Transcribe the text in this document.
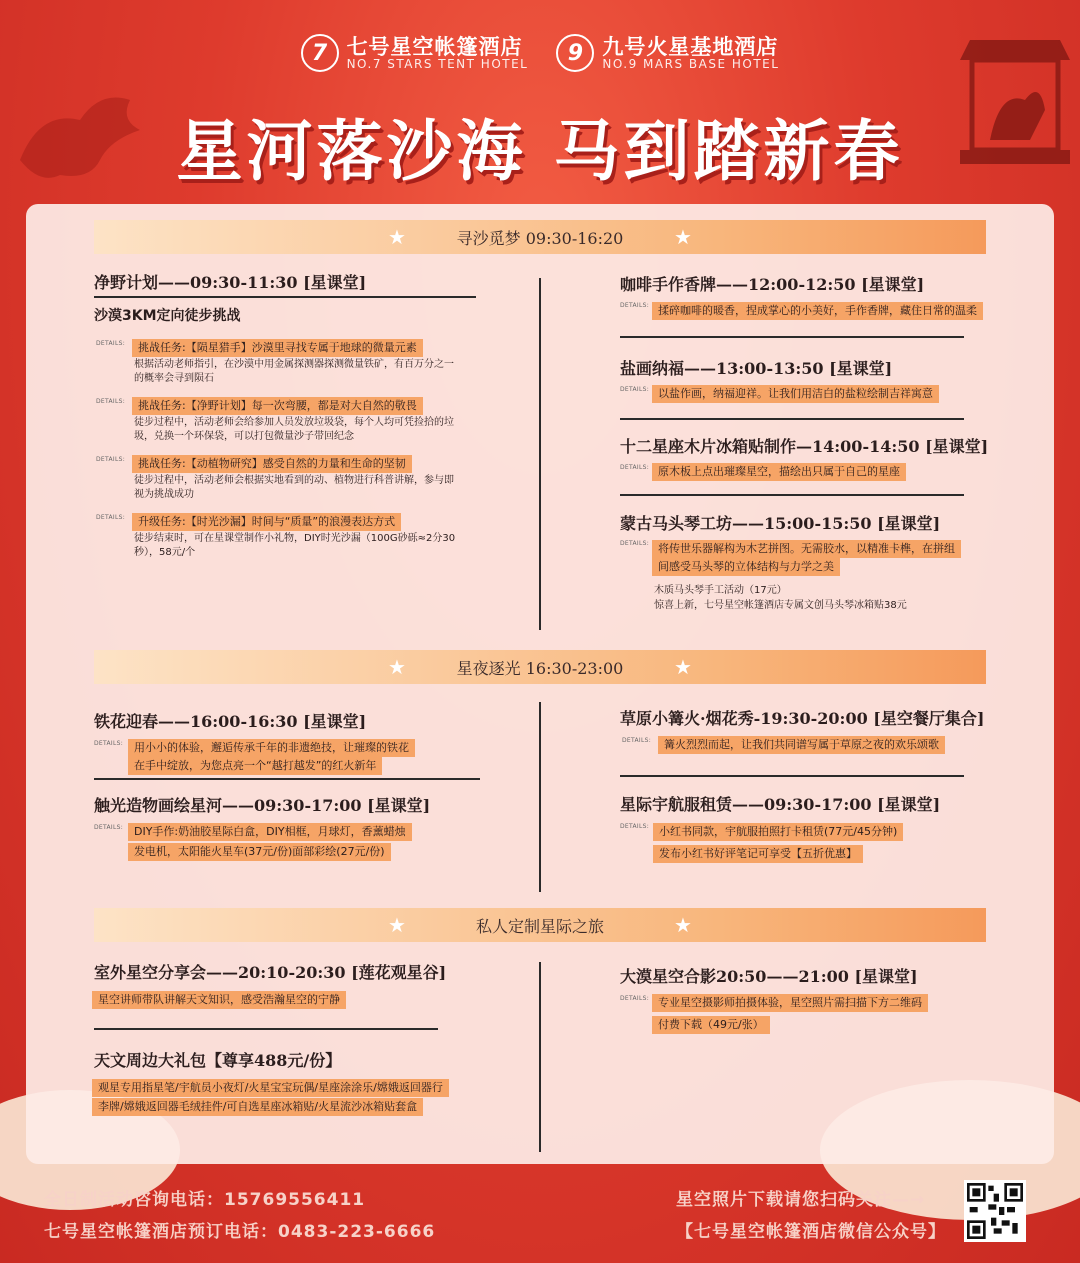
7 七号星空帐篷酒店
NO.7 STARS TENT HOTEL	9 九号火星基地酒店
NO.9 MARS BASE HOTEL
星河落沙海 马到踏新春
★	寻沙觅梦 09:30-16:20	★
净野计划——09:30-11:30 [星课堂]
沙漠3KM定向徒步挑战
DETAILS:	挑战任务:【陨星猎手】沙漠里寻找专属于地球的微量元素
根据活动老师指引，在沙漠中用金属探测器探测微量铁矿，有百万分之一
的概率会寻到陨石
DETAILS:	挑战任务:【净野计划】每一次弯腰，都是对大自然的敬畏
徒步过程中，活动老师会给参加人员发放垃圾袋，每个人均可凭捡拾的垃
圾，兑换一个环保袋，可以打包微量沙子带回纪念
DETAILS:	挑战任务:【动植物研究】感受自然的力量和生命的坚韧
徒步过程中，活动老师会根据实地看到的动、植物进行科普讲解，参与即
视为挑战成功
DETAILS:	升级任务:【时光沙漏】时间与“质量”的浪漫表达方式
徒步结束时，可在星课堂制作小礼物，DIY时光沙漏（100G砂砾≈2分30
秒），58元/个
咖啡手作香牌——12:00-12:50 [星课堂]
DETAILS: 揉碎咖啡的暖香，捏成掌心的小美好，手作香牌，藏住日常的温柔
盐画纳福——13:00-13:50 [星课堂]
DETAILS: 以盐作画，纳福迎祥。让我们用洁白的盐粒绘制吉祥寓意
十二星座木片冰箱贴制作—14:00-14:50 [星课堂]
DETAILS: 原木板上点出璀璨星空，描绘出只属于自己的星座
蒙古马头琴工坊——15:00-15:50 [星课堂]
DETAILS: 将传世乐器解构为木艺拼图。无需胶水，以精准卡榫，在拼组
间感受马头琴的立体结构与力学之美
木质马头琴手工活动（17元）
惊喜上新，七号星空帐篷酒店专属文创马头琴冰箱贴38元
★	星夜逐光 16:30-23:00	★
铁花迎春——16:00-16:30 [星课堂]
DETAILS: 用小小的体验，邂逅传承千年的非遗绝技，让璀璨的铁花
在手中绽放，为您点亮一个“越打越发”的红火新年
触光造物画绘星河——09:30-17:00 [星课堂]
DETAILS: DIY手作:奶油胶星际白盒，DIY相框，月球灯，香薰蜡烛
发电机，太阳能火星车(37元/份)面部彩绘(27元/份)
草原小篝火·烟花秀-19:30-20:00 [星空餐厅集合]
DETAILS:	篝火烈烈而起，让我们共同谱写属于草原之夜的欢乐颂歌
星际宇航服租赁——09:30-17:00 [星课堂]
DETAILS: 小红书同款，宇航服拍照打卡租赁(77元/45分钟)
发布小红书好评笔记可享受【五折优惠】
★	私人定制星际之旅	★
室外星空分享会——20:10-20:30 [莲花观星谷]
星空讲师带队讲解天文知识，感受浩瀚星空的宁静
天文周边大礼包【尊享488元/份】
观星专用指星笔/宇航员小夜灯/火星宝宝玩偶/星座涂涂乐/嫦娥返回器行
李牌/嫦娥返回器毛绒挂件/可自选星座冰箱贴/火星流沙冰箱贴套盒
大漠星空合影20:50——21:00 [星课堂]
DETAILS: 专业星空摄影师拍摄体验，星空照片需扫描下方二维码
付费下载（49元/张）
全日制活动咨询电话：15769556411
七号星空帐篷酒店预订电话：0483-223-6666
星空照片下载请您扫码关注—→
【七号星空帐篷酒店微信公众号】
